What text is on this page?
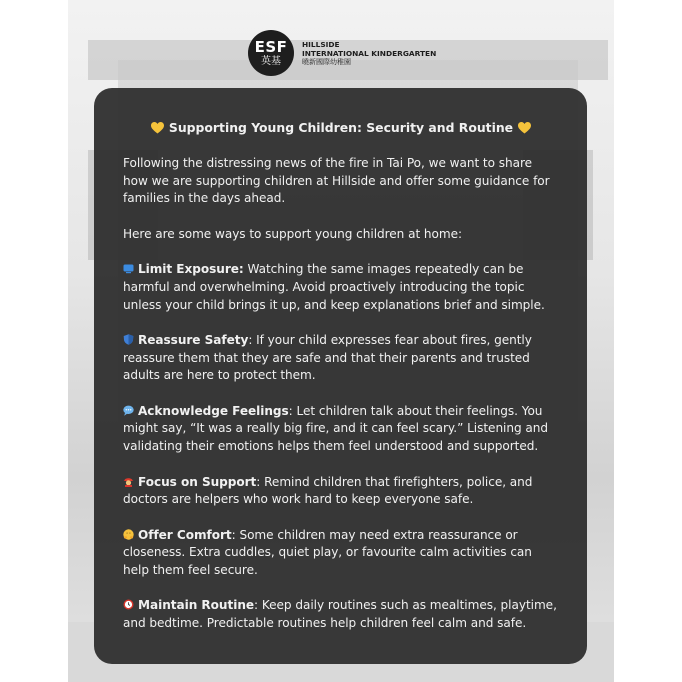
ESF
英基
HILLSIDE
INTERNATIONAL KINDERGARTEN
曉新國際幼稚園
Supporting Young Children: Security and Routine

Following the distressing news of the fire in Tai Po, we want to share how we are supporting children at Hillside and offer some guidance for families in the days ahead.

Here are some ways to support young children at home:

Limit Exposure: Watching the same images repeatedly can be harmful and overwhelming. Avoid proactively introducing the topic unless your child brings it up, and keep explanations brief and simple.

Reassure Safety: If your child expresses fear about fires, gently reassure them that they are safe and that their parents and trusted adults are here to protect them.

Acknowledge Feelings: Let children talk about their feelings. You might say, “It was a really big fire, and it can feel scary.” Listening and validating their emotions helps them feel understood and supported.

Focus on Support: Remind children that firefighters, police, and doctors are helpers who work hard to keep everyone safe.

Offer Comfort: Some children may need extra reassurance or closeness. Extra cuddles, quiet play, or favourite calm activities can help them feel secure.

Maintain Routine: Keep daily routines such as mealtimes, playtime, and bedtime. Predictable routines help children feel calm and safe.
